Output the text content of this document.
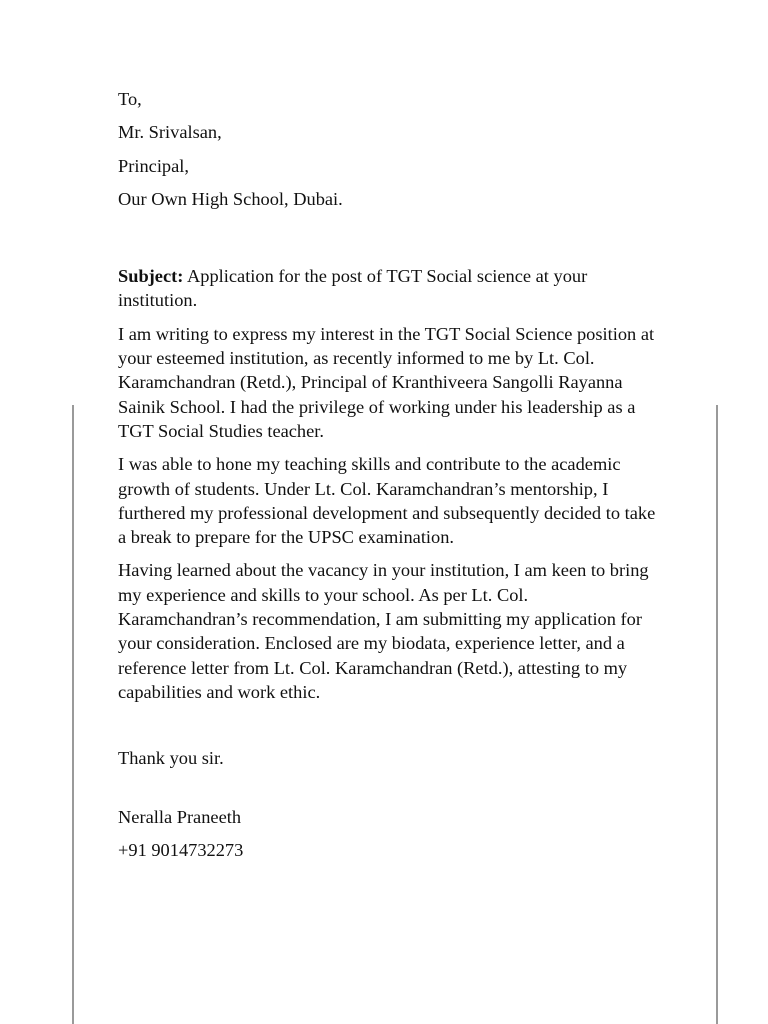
To,
Mr. Srivalsan,
Principal,
Our Own High School, Dubai.
Subject: Application for the post of TGT Social science at your institution.
I am writing to express my interest in the TGT Social Science position at your esteemed institution, as recently informed to me by Lt. Col. Karamchandran (Retd.), Principal of Kranthiveera Sangolli Rayanna Sainik School. I had the privilege of working under his leadership as a TGT Social Studies teacher.
I was able to hone my teaching skills and contribute to the academic growth of students. Under Lt. Col. Karamchandran’s mentorship, I furthered my professional development and subsequently decided to take a break to prepare for the UPSC examination.
Having learned about the vacancy in your institution, I am keen to bring my experience and skills to your school. As per Lt. Col. Karamchandran’s recommendation, I am submitting my application for your consideration. Enclosed are my biodata, experience letter, and a reference letter from Lt. Col. Karamchandran (Retd.), attesting to my capabilities and work ethic.
Thank you sir.
Neralla Praneeth
+91 9014732273
